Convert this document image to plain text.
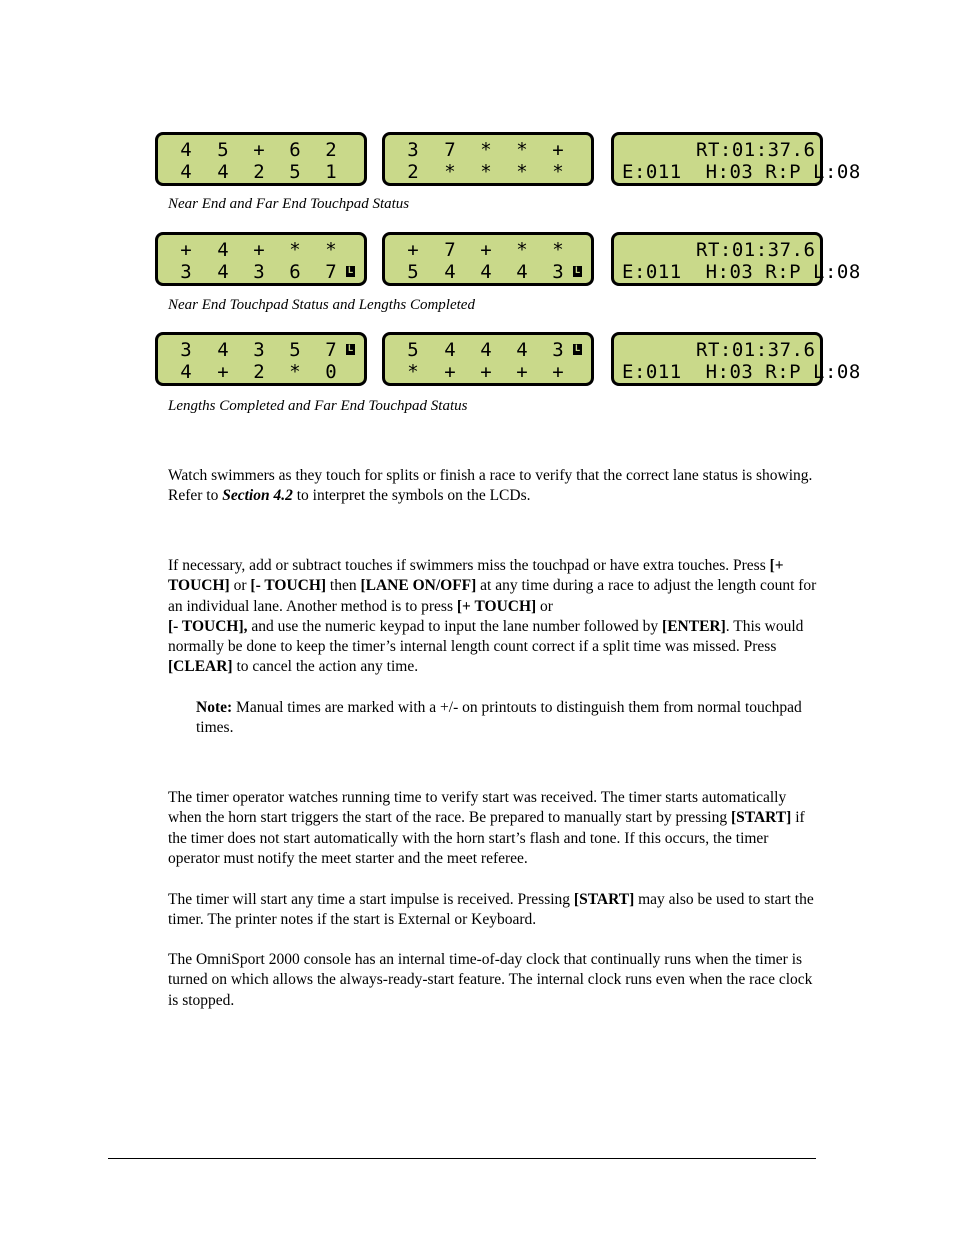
4 5 + 6 2
4 4 2 5 1
3 7 * * +
2 * * * *
RT:01:37.6
E:011  H:03 R:P L:08
Near End and Far End Touchpad Status
+ 4 + * *
3 4 3 6 7 L
+ 7 + * *
5 4 4 4 3 L
RT:01:37.6
E:011  H:03 R:P L:08
Near End Touchpad Status and Lengths Completed
3 4 3 5 7 L
4 + 2 * 0
5 4 4 4 3 L
* + + + +
RT:01:37.6
E:011  H:03 R:P L:08
Lengths Completed and Far End Touchpad Status

Watch swimmers as they touch for splits or finish a race to verify that the correct lane status is showing. Refer to Section 4.2 to interpret the symbols on the LCDs.

If necessary, add or subtract touches if swimmers miss the touchpad or have extra touches. Press [+ TOUCH] or [- TOUCH] then [LANE ON/OFF] at any time during a race to adjust the length count for an individual lane. Another method is to press [+ TOUCH] or
[- TOUCH], and use the numeric keypad to input the lane number followed by [ENTER]. This would normally be done to keep the timer’s internal length count correct if a split time was missed. Press [CLEAR] to cancel the action any time.

Note: Manual times are marked with a +/- on printouts to distinguish them from normal touchpad times.

The timer operator watches running time to verify start was received. The timer starts automatically when the horn start triggers the start of the race. Be prepared to manually start by pressing [START] if the timer does not start automatically with the horn start’s flash and tone. If this occurs, the timer operator must notify the meet starter and the meet referee.

The timer will start any time a start impulse is received. Pressing [START] may also be used to start the timer. The printer notes if the start is External or Keyboard.

The OmniSport 2000 console has an internal time-of-day clock that continually runs when the timer is turned on which allows the always-ready-start feature. The internal clock runs even when the race clock is stopped.
